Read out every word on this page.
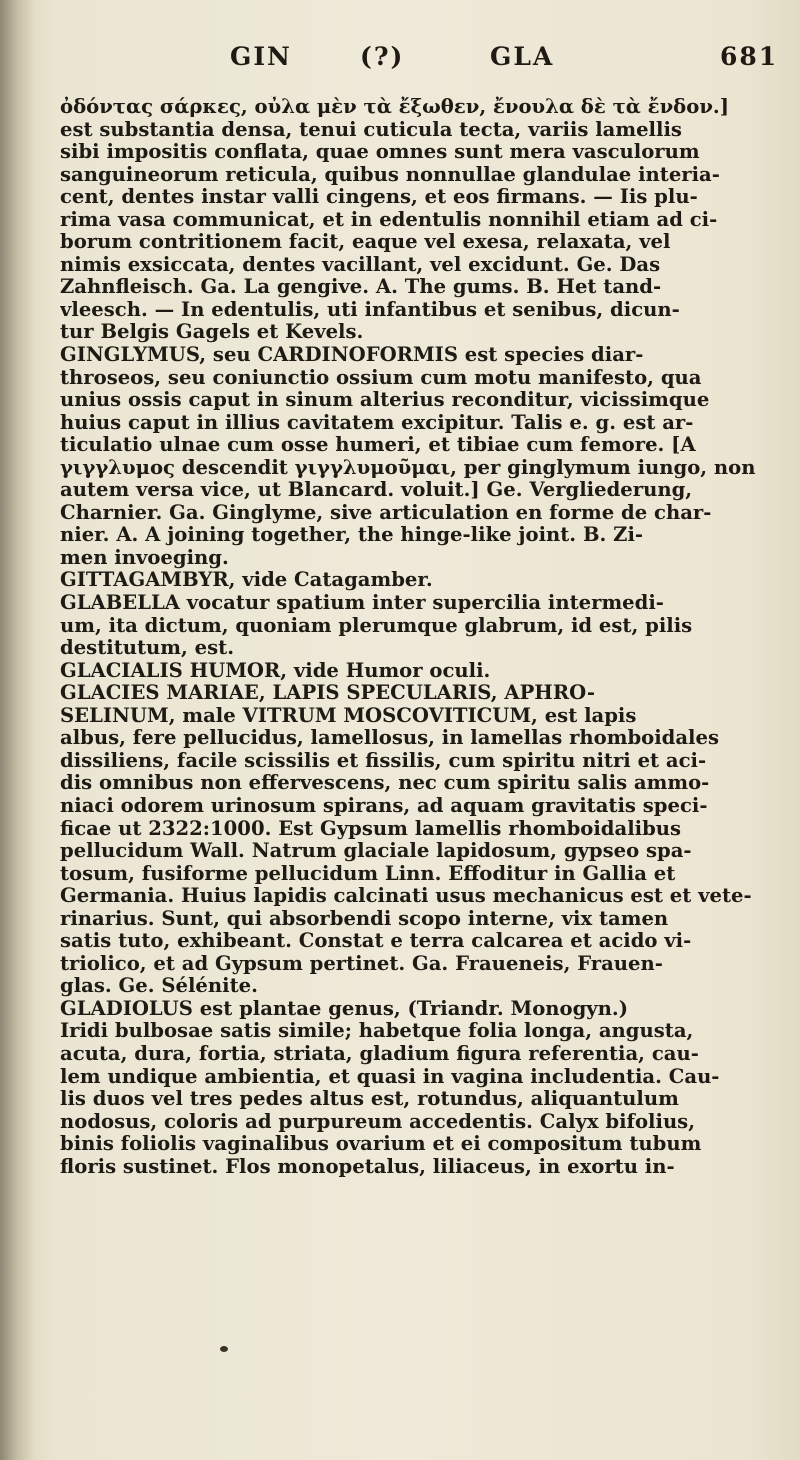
GIN	(?)	GLA	681
ὀδόντας σάρκες, οὖλα μὲν τὰ ἔξωθεν, ἔνουλα δὲ τὰ ἔνδον.]
est substantia densa, tenui cuticula tecta, variis lamellis
sibi impositis conflata, quae omnes sunt mera vasculorum
sanguineorum reticula, quibus nonnullae glandulae interia-
cent, dentes instar valli cingens, et eos firmans. — Iis plu-
rima vasa communicat, et in edentulis nonnihil etiam ad ci-
borum contritionem facit, eaque vel exesa, relaxata, vel
nimis exsiccata, dentes vacillant, vel excidunt. Ge. Das
Zahnfleisch. Ga. La gengive. A. The gums. B. Het tand-
vleesch. — In edentulis, uti infantibus et senibus, dicun-
tur Belgis Gagels et Kevels.
GINGLYMUS, seu CARDINOFORMIS est species diar-
throseos, seu coniunctio ossium cum motu manifesto, qua
unius ossis caput in sinum alterius reconditur, vicissimque
huius caput in illius cavitatem excipitur. Talis e. g. est ar-
ticulatio ulnae cum osse humeri, et tibiae cum femore. [A
γιγγλυμος descendit γιγγλυμοῦμαι, per ginglymum iungo, non
autem versa vice, ut Blancard. voluit.] Ge. Vergliederung,
Charnier. Ga. Ginglyme, sive articulation en forme de char-
nier. A. A joining together, the hinge-like joint. B. Zi-
men invoeging.
GITTAGAMBYR, vide Catagamber.
GLABELLA vocatur spatium inter supercilia intermedi-
um, ita dictum, quoniam plerumque glabrum, id est, pilis
destitutum, est.
GLACIALIS HUMOR, vide Humor oculi.
GLACIES MARIAE, LAPIS SPECULARIS, APHRO-
SELINUM, male VITRUM MOSCOVITICUM, est lapis
albus, fere pellucidus, lamellosus, in lamellas rhomboidales
dissiliens, facile scissilis et fissilis, cum spiritu nitri et aci-
dis omnibus non effervescens, nec cum spiritu salis ammo-
niaci odorem urinosum spirans, ad aquam gravitatis speci-
ficae ut 2322:1000. Est Gypsum lamellis rhomboidalibus
pellucidum Wall. Natrum glaciale lapidosum, gypseo spa-
tosum, fusiforme pellucidum Linn. Effoditur in Gallia et
Germania. Huius lapidis calcinati usus mechanicus est et vete-
rinarius. Sunt, qui absorbendi scopo interne, vix tamen
satis tuto, exhibeant. Constat e terra calcarea et acido vi-
triolico, et ad Gypsum pertinet. Ga. Fraueneis, Frauen-
glas. Ge. Sélénite.
GLADIOLUS est plantae genus, (Triandr. Monogyn.)
Iridi bulbosae satis simile; habetque folia longa, angusta,
acuta, dura, fortia, striata, gladium figura referentia, cau-
lem undique ambientia, et quasi in vagina includentia. Cau-
lis duos vel tres pedes altus est, rotundus, aliquantulum
nodosus, coloris ad purpureum accedentis. Calyx bifolius,
binis foliolis vaginalibus ovarium et ei compositum tubum
floris sustinet. Flos monopetalus, liliaceus, in exortu in-
